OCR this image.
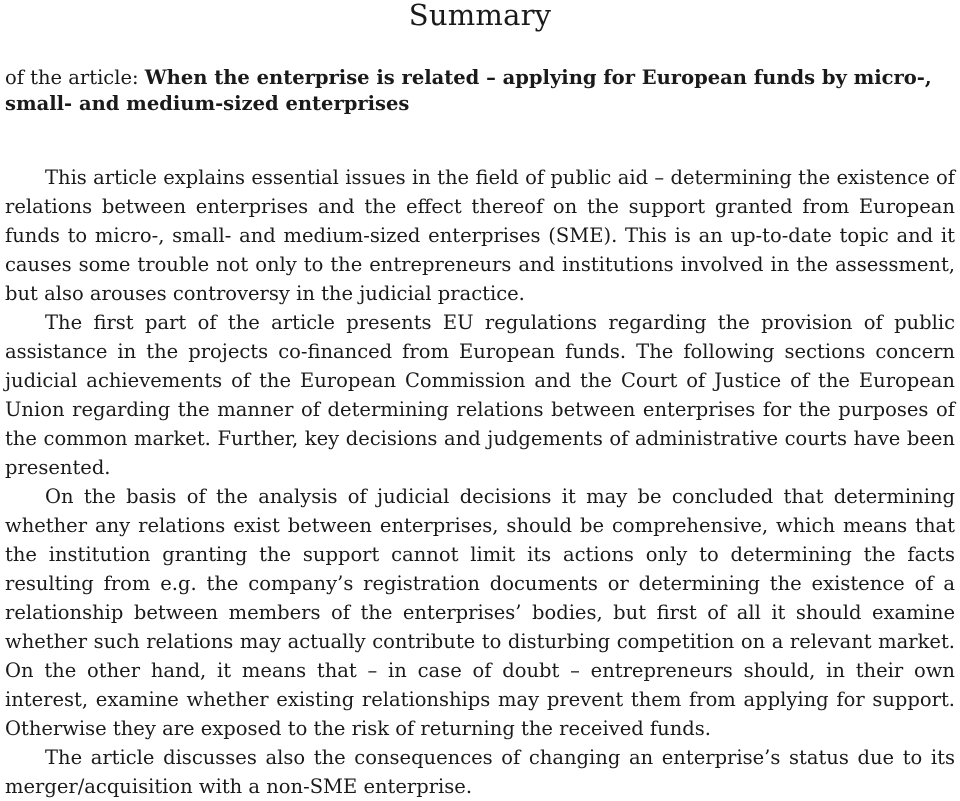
Summary
of the article: When the enterprise is related – applying for European funds by micro-, small- and medium-sized enterprises

This article explains essential issues in the field of public aid – determining the existence of relations between enterprises and the effect thereof on the support granted from European funds to micro-, small- and medium-sized enterprises (SME). This is an up-to-date topic and it causes some trouble not only to the entrepreneurs and institutions involved in the assessment, but also arouses controversy in the judicial practice.

The first part of the article presents EU regulations regarding the provision of public assistance in the projects co-financed from European funds. The following sections concern judicial achievements of the European Commission and the Court of Justice of the European Union regarding the manner of determining relations between enterprises for the purposes of the common market. Further, key decisions and judgements of administrative courts have been presented.

On the basis of the analysis of judicial decisions it may be concluded that determining whether any relations exist between enterprises, should be comprehensive, which means that the institution granting the support cannot limit its actions only to determining the facts resulting from e.g. the company’s registration documents or determining the existence of a relationship between members of the enterprises’ bodies, but first of all it should examine whether such relations may actually contribute to disturbing competition on a relevant market. On the other hand, it means that – in case of doubt – entrepreneurs should, in their own interest, examine whether existing relationships may prevent them from applying for support. Otherwise they are exposed to the risk of returning the received funds.

The article discusses also the consequences of changing an enterprise’s status due to its merger/acquisition with a non-SME enterprise.
